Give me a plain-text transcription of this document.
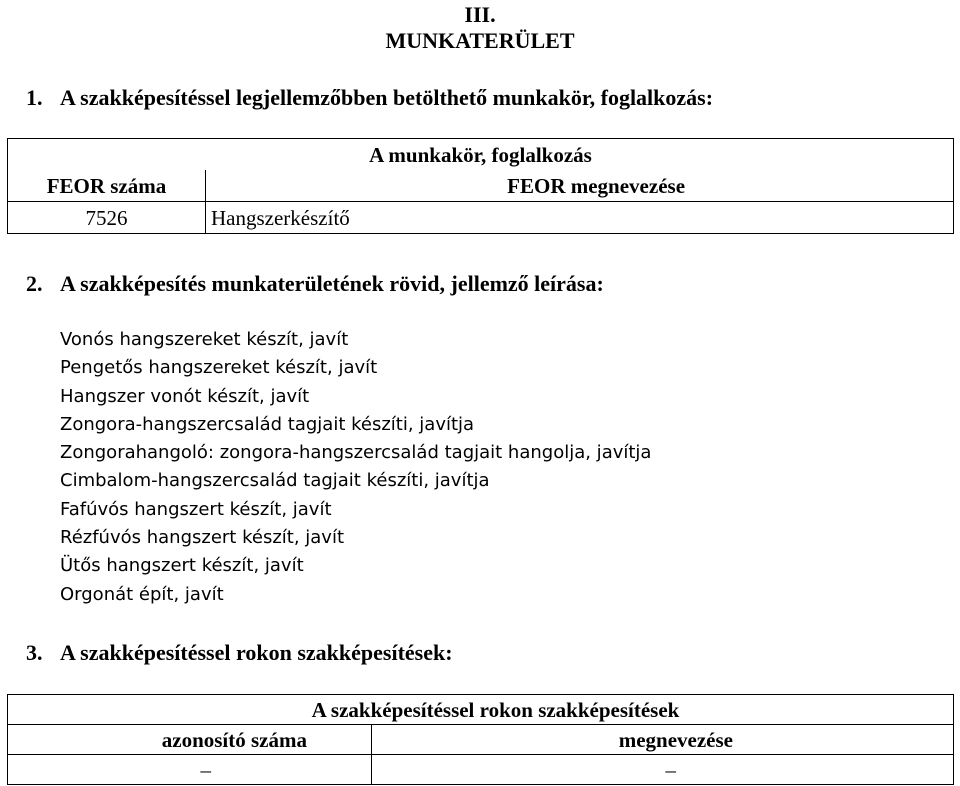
III.
MUNKATERÜLET
1. A szakképesítéssel legjellemzőbben betölthető munkakör, foglalkozás:
A munkakör, foglalkozás	
FEOR száma	FEOR megnevezése
7526	Hangszerkészítő
2. A szakképesítés munkaterületének rövid, jellemző leírása:
Vonós hangszereket készít, javít
Pengetős hangszereket készít, javít
Hangszer vonót készít, javít
Zongora-hangszercsalád tagjait készíti, javítja
Zongorahangoló: zongora-hangszercsalád tagjait hangolja, javítja
Cimbalom-hangszercsalád tagjait készíti, javítja
Fafúvós hangszert készít, javít
Rézfúvós hangszert készít, javít
Ütős hangszert készít, javít
Orgonát épít, javít
3. A szakképesítéssel rokon szakképesítések:
A szakképesítéssel rokon szakképesítések	
azonosító száma	megnevezése
–	–
